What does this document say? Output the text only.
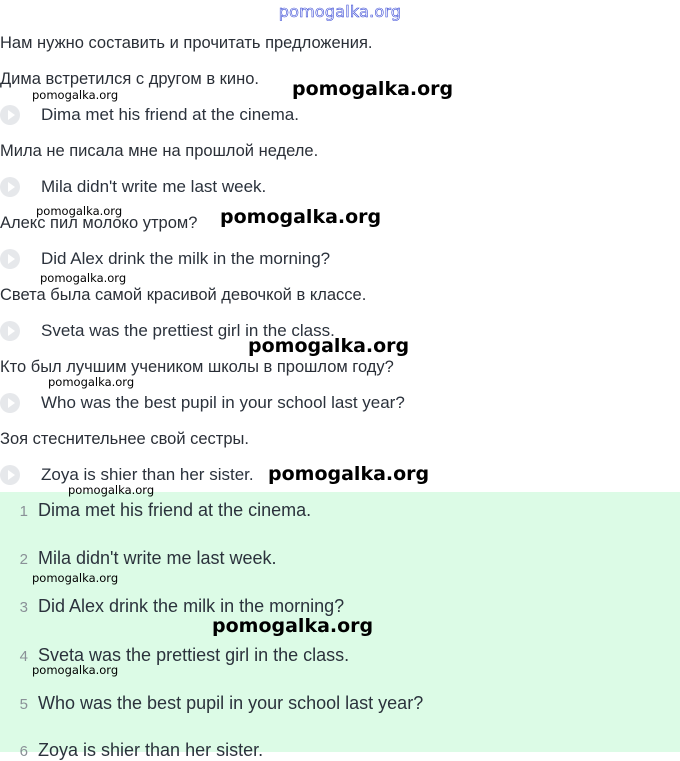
pomogalka.org
Нам нужно составить и прочитать предложения.
Дима встретился с другом в кино.
Dima met his friend at the cinema.
Мила не писала мне на прошлой неделе.
Mila didn't write me last week.
Алекс пил молоко утром?
Did Alex drink the milk in the morning?
Света была самой красивой девочкой в классе.
Sveta was the prettiest girl in the class.
Кто был лучшим учеником школы в прошлом году?
Who was the best pupil in your school last year?
Зоя стеснительнее свой сестры.
Zoya is shier than her sister.
1 Dima met his friend at the cinema.
2 Mila didn't write me last week.
3 Did Alex drink the milk in the morning?
4 Sveta was the prettiest girl in the class.
5 Who was the best pupil in your school last year?
6 Zoya is shier than her sister.
pomogalka.org
pomogalka.org
pomogalka.org	pomogalka.org
pomogalka.org
pomogalka.org
pomogalka.org
pomogalka.org
pomogalka.org
pomogalka.org
pomogalka.org
pomogalka.org
